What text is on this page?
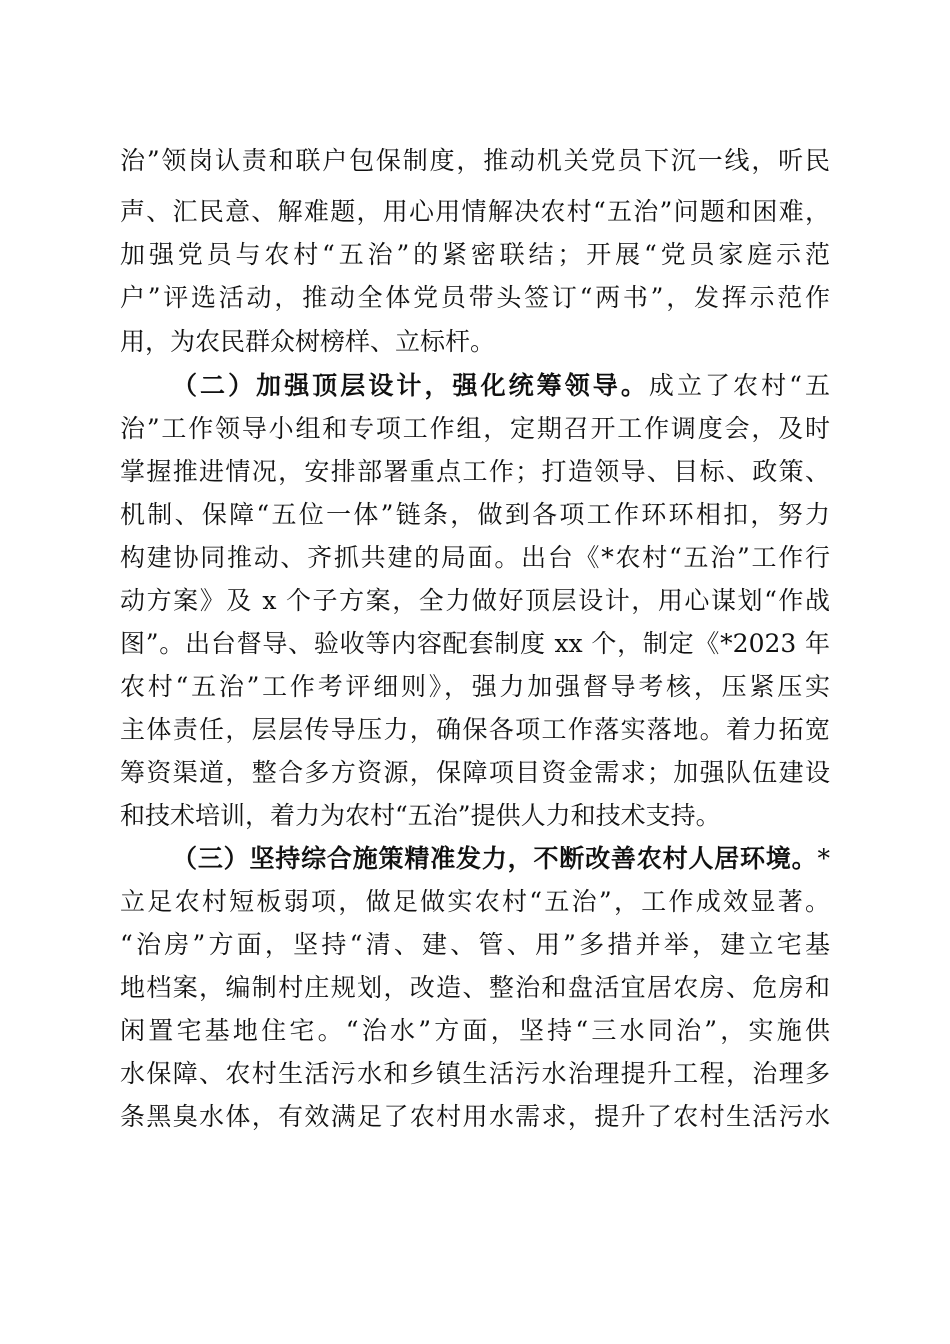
治”领岗认责和联户包保制度，推动机关党员下沉一线，听民
声、汇民意、解难题，用心用情解决农村“五治”问题和困难，
加强党员与农村“五治”的紧密联结；开展“党员家庭示范
户”评选活动，推动全体党员带头签订“两书”，发挥示范作
用，为农民群众树榜样、立标杆。
（二）加强顶层设计，强化统筹领导。成立了农村“五
治”工作领导小组和专项工作组，定期召开工作调度会，及时
掌握推进情况，安排部署重点工作；打造领导、目标、政策、
机制、保障“五位一体”链条，做到各项工作环环相扣，努力
构建协同推动、齐抓共建的局面。出台《*农村“五治”工作行
动方案》及 x 个子方案，全力做好顶层设计，用心谋划“作战
图”。出台督导、验收等内容配套制度 xx 个，制定《*2023 年
农村“五治”工作考评细则》，强力加强督导考核，压紧压实
主体责任，层层传导压力，确保各项工作落实落地。着力拓宽
筹资渠道，整合多方资源，保障项目资金需求；加强队伍建设
和技术培训，着力为农村“五治”提供人力和技术支持。
（三）坚持综合施策精准发力，不断改善农村人居环境。*
立足农村短板弱项，做足做实农村“五治”，工作成效显著。
“治房”方面，坚持“清、建、管、用”多措并举，建立宅基
地档案，编制村庄规划，改造、整治和盘活宜居农房、危房和
闲置宅基地住宅。“治水”方面，坚持“三水同治”，实施供
水保障、农村生活污水和乡镇生活污水治理提升工程，治理多
条黑臭水体，有效满足了农村用水需求，提升了农村生活污水
